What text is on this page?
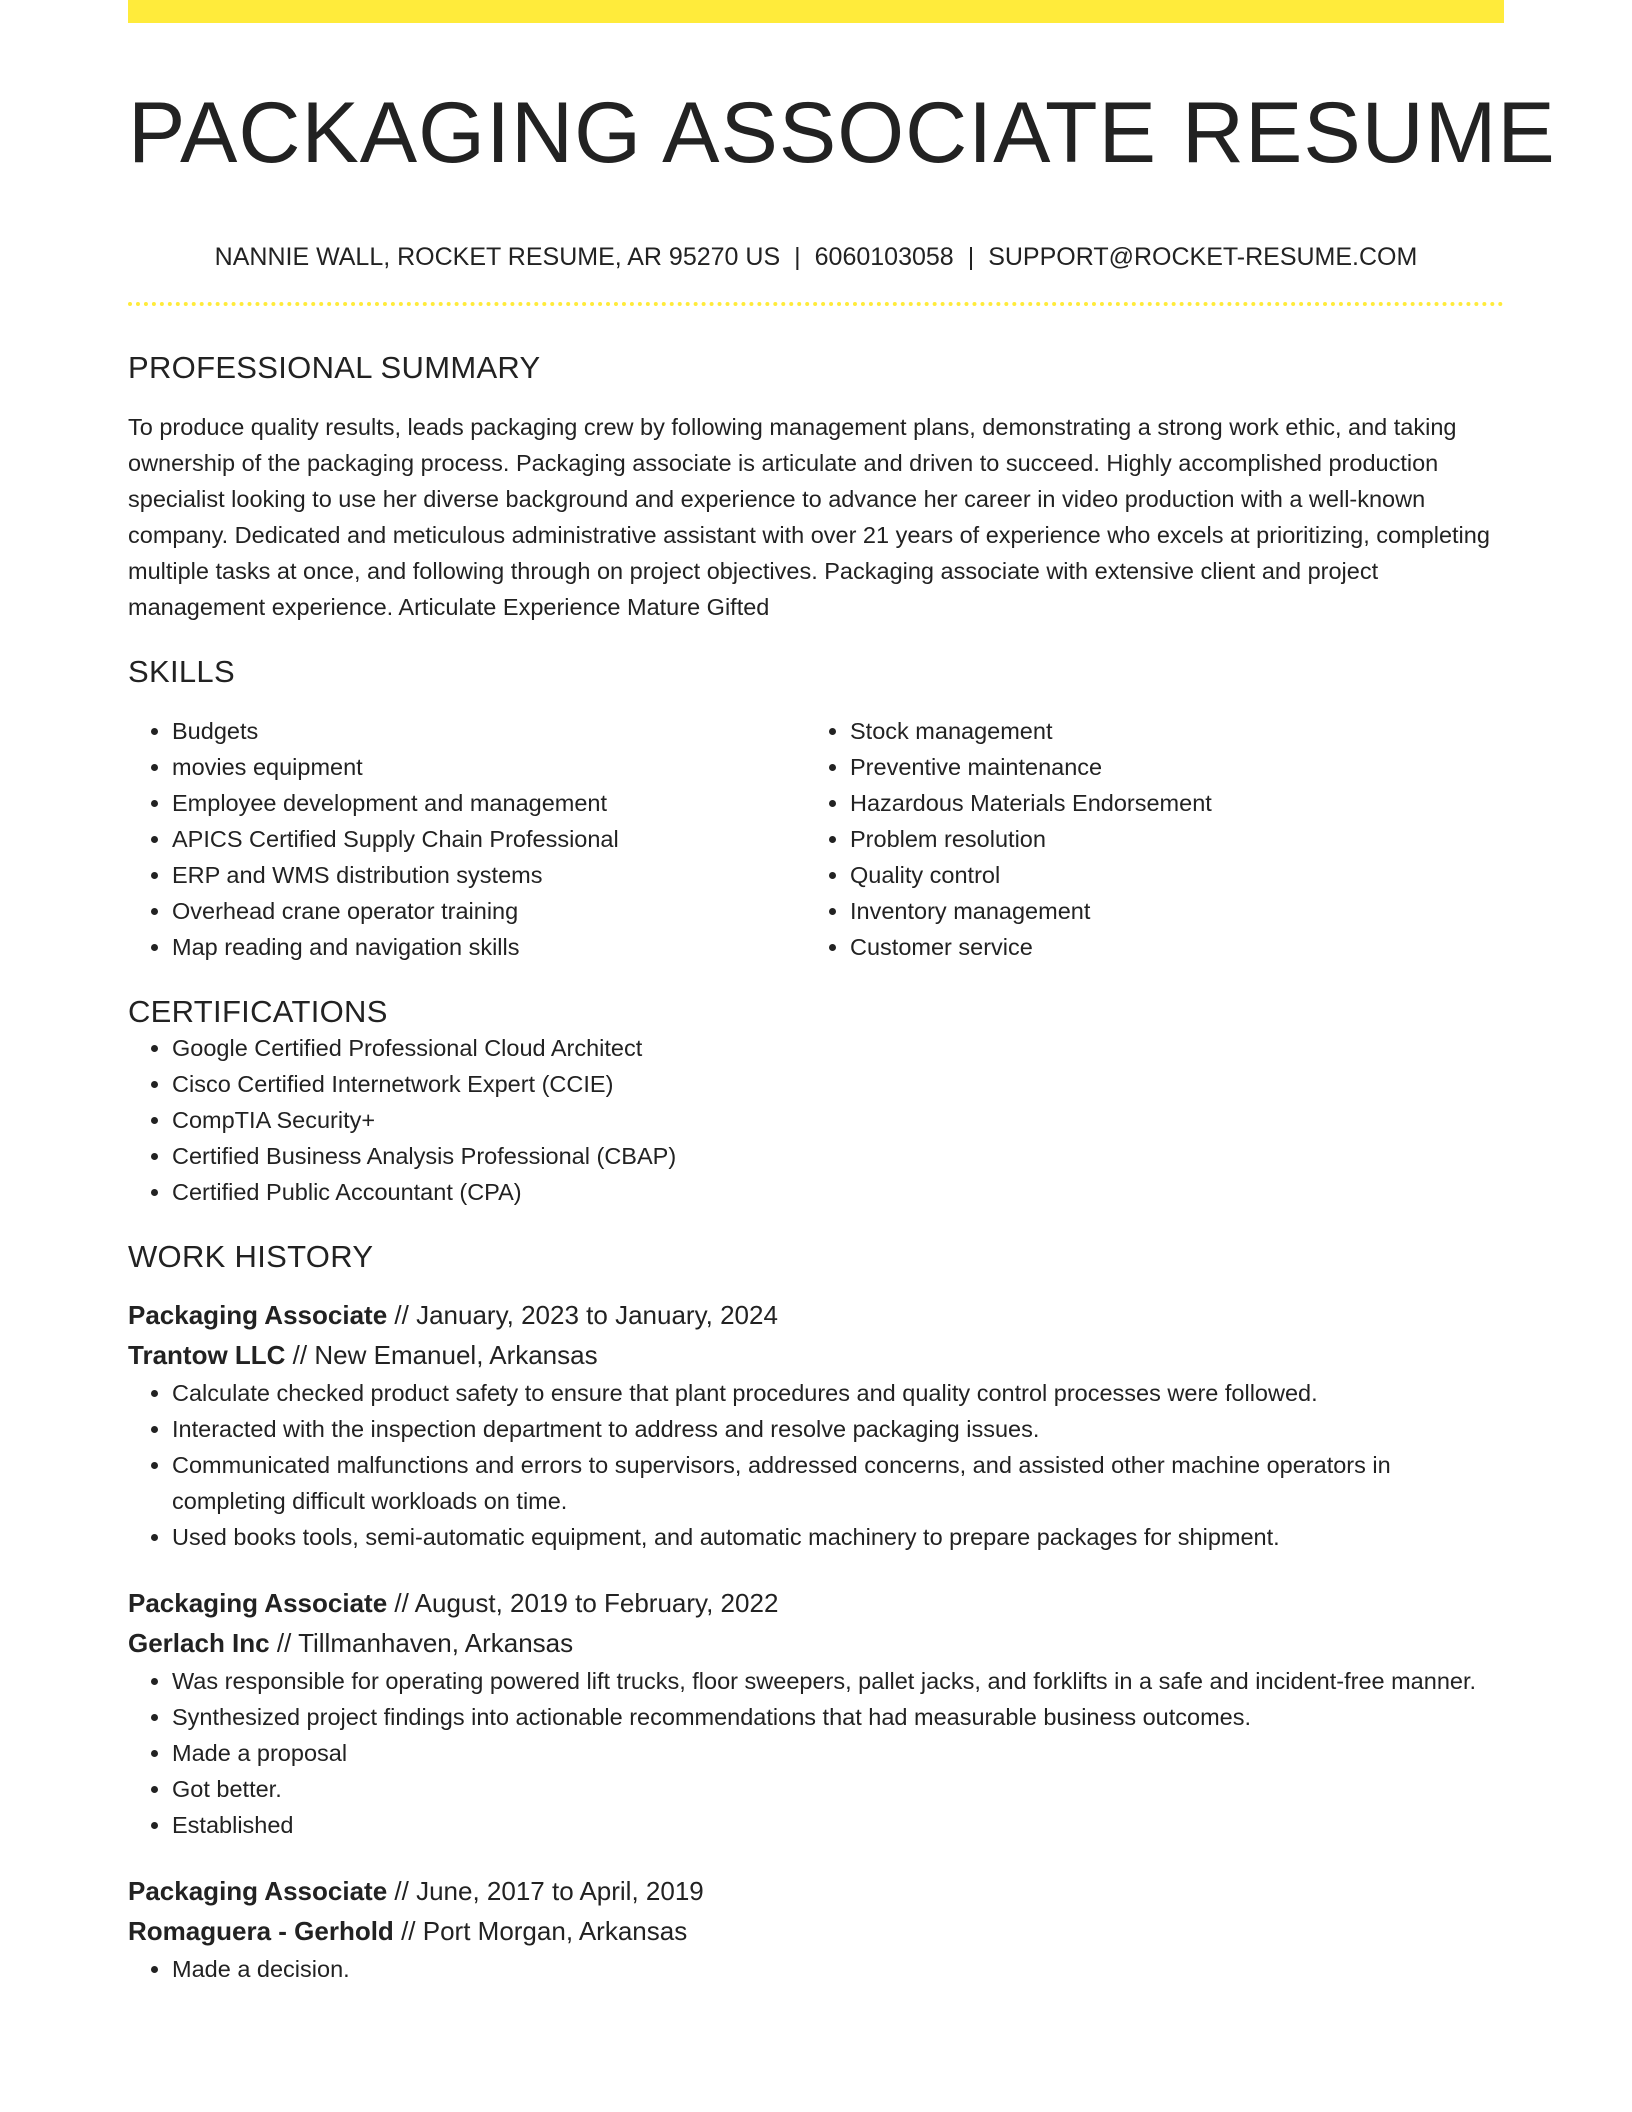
PACKAGING ASSOCIATE RESUME
NANNIE WALL, ROCKET RESUME, AR 95270 US | 6060103058 | SUPPORT@ROCKET-RESUME.COM
PROFESSIONAL SUMMARY

To produce quality results, leads packaging crew by following management plans, demonstrating a strong work ethic, and taking ownership of the packaging process. Packaging associate is articulate and driven to succeed. Highly accomplished production specialist looking to use her diverse background and experience to advance her career in video production with a well-known company. Dedicated and meticulous administrative assistant with over 21 years of experience who excels at prioritizing, completing multiple tasks at once, and following through on project objectives. Packaging associate with extensive client and project management experience. Articulate Experience Mature Gifted

SKILLS
• Budgets
• movies equipment
• Employee development and management
• APICS Certified Supply Chain Professional
• ERP and WMS distribution systems
• Overhead crane operator training
• Map reading and navigation skills
• Stock management
• Preventive maintenance
• Hazardous Materials Endorsement
• Problem resolution
• Quality control
• Inventory management
• Customer service
CERTIFICATIONS
• Google Certified Professional Cloud Architect
• Cisco Certified Internetwork Expert (CCIE)
• CompTIA Security+
• Certified Business Analysis Professional (CBAP)
• Certified Public Accountant (CPA)
WORK HISTORY
Packaging Associate // January, 2023 to January, 2024
Trantow LLC // New Emanuel, Arkansas
• Calculate checked product safety to ensure that plant procedures and quality control processes were followed.
• Interacted with the inspection department to address and resolve packaging issues.
• Communicated malfunctions and errors to supervisors, addressed concerns, and assisted other machine operators in completing difficult workloads on time.
• Used books tools, semi-automatic equipment, and automatic machinery to prepare packages for shipment.
Packaging Associate // August, 2019 to February, 2022
Gerlach Inc // Tillmanhaven, Arkansas
• Was responsible for operating powered lift trucks, floor sweepers, pallet jacks, and forklifts in a safe and incident-free manner.
• Synthesized project findings into actionable recommendations that had measurable business outcomes.
• Made a proposal
• Got better.
• Established
Packaging Associate // June, 2017 to April, 2019
Romaguera - Gerhold // Port Morgan, Arkansas
• Made a decision.
